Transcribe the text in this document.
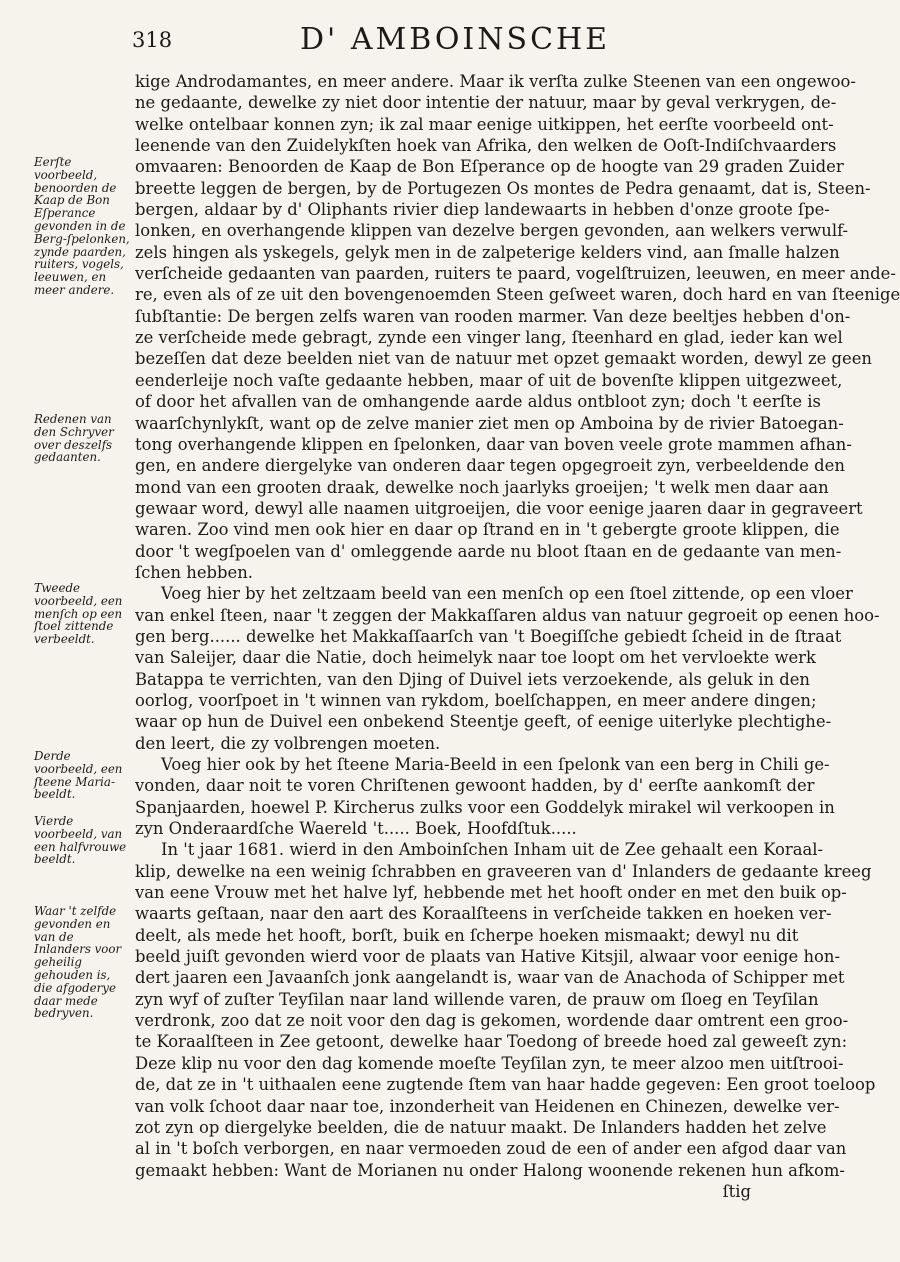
318	D' AMBOINSCHE
Eerſte voorbeeld, benoorden de Kaap de Bon Eſperance gevonden in de Berg-ſpelonken, zynde paarden, ruiters, vogels, leeuwen, en meer andere.
Redenen van den Schryver over deszelfs gedaanten.
Tweede voorbeeld, een menſch op een ſtoel zittende verbeeldt.
Derde voorbeeld, een ſteene Maria-beeldt.
Vierde voorbeeld, van een halfvrouwe beeldt.
Waar 't zelfde gevonden en van de Inlanders voor geheilig gehouden is, die afgoderye daar mede bedryven.
kige Androdamantes, en meer andere. Maar ik verſta zulke Steenen van een ongewoo-
ne gedaante, dewelke zy niet door intentie der natuur, maar by geval verkrygen, de-
welke ontelbaar konnen zyn; ik zal maar eenige uitkippen, het eerſte voorbeeld ont-
leenende van den Zuidelykſten hoek van Afrika, den welken de Ooſt-Indiſchvaarders
omvaaren: Benoorden de Kaap de Bon Eſperance op de hoogte van 29 graden Zuider
breette leggen de bergen, by de Portugezen Os montes de Pedra genaamt, dat is, Steen-
bergen, aldaar by d' Oliphants rivier diep landewaarts in hebben d'onze groote ſpe-
lonken, en overhangende klippen van dezelve bergen gevonden, aan welkers verwulf-
zels hingen als yskegels, gelyk men in de zalpeterige kelders vind, aan ſmalle halzen
verſcheide gedaanten van paarden, ruiters te paard, vogelſtruizen, leeuwen, en meer ande-
re, even als of ze uit den bovengenoemden Steen geſweet waren, doch hard en van ſteenige
ſubſtantie: De bergen zelfs waren van rooden marmer. Van deze beeltjes hebben d'on-
ze verſcheide mede gebragt, zynde een vinger lang, ſteenhard en glad, ieder kan wel
bezeſſen dat deze beelden niet van de natuur met opzet gemaakt worden, dewyl ze geen
eenderleije noch vaſte gedaante hebben, maar of uit de bovenſte klippen uitgezweet,
of door het afvallen van de omhangende aarde aldus ontbloot zyn; doch 't eerſte is
waarſchynlykſt, want op de zelve manier ziet men op Amboina by de rivier Batoegan-
tong overhangende klippen en ſpelonken, daar van boven veele grote mammen afhan-
gen, en andere diergelyke van onderen daar tegen opgegroeit zyn, verbeeldende den
mond van een grooten draak, dewelke noch jaarlyks groeijen; 't welk men daar aan
gewaar word, dewyl alle naamen uitgroeijen, die voor eenige jaaren daar in gegraveert
waren. Zoo vind men ook hier en daar op ſtrand en in 't gebergte groote klippen, die
door 't wegſpoelen van d' omleggende aarde nu bloot ſtaan en de gedaante van men-
ſchen hebben.
Voeg hier by het zeltzaam beeld van een menſch op een ſtoel zittende, op een vloer
van enkel ſteen, naar 't zeggen der Makkaſſaren aldus van natuur gegroeit op eenen hoo-
gen berg...... dewelke het Makkaſſaarſch van 't Boegiſſche gebiedt ſcheid in de ſtraat
van Saleijer, daar die Natie, doch heimelyk naar toe loopt om het vervloekte werk
Batappa te verrichten, van den Djing of Duivel iets verzoekende, als geluk in den
oorlog, voorſpoet in 't winnen van rykdom, boelſchappen, en meer andere dingen;
waar op hun de Duivel een onbekend Steentje geeft, of eenige uiterlyke plechtighe-
den leert, die zy volbrengen moeten.
Voeg hier ook by het ſteene Maria-Beeld in een ſpelonk van een berg in Chili ge-
vonden, daar noit te voren Chriſtenen gewoont hadden, by d' eerſte aankomſt der
Spanjaarden, hoewel P. Kircherus zulks voor een Goddelyk mirakel wil verkoopen in
zyn Onderaardſche Waereld 't..... Boek, Hoofdſtuk.....
In 't jaar 1681. wierd in den Amboinſchen Inham uit de Zee gehaalt een Koraal-
klip, dewelke na een weinig ſchrabben en graveeren van d' Inlanders de gedaante kreeg
van eene Vrouw met het halve lyf, hebbende met het hooft onder en met den buik op-
waarts geſtaan, naar den aart des Koraalſteens in verſcheide takken en hoeken ver-
deelt, als mede het hooft, borſt, buik en ſcherpe hoeken mismaakt; dewyl nu dit
beeld juiſt gevonden wierd voor de plaats van Hative Kitsjil, alwaar voor eenige hon-
dert jaaren een Javaanſch jonk aangelandt is, waar van de Anachoda of Schipper met
zyn wyf of zuſter Teyſilan naar land willende varen, de prauw om ſloeg en Teyſilan
verdronk, zoo dat ze noit voor den dag is gekomen, wordende daar omtrent een groo-
te Koraalſteen in Zee getoont, dewelke haar Toedong of breede hoed zal geweeſt zyn:
Deze klip nu voor den dag komende moeſte Teyſilan zyn, te meer alzoo men uitſtrooi-
de, dat ze in 't uithaalen eene zugtende ſtem van haar hadde gegeven: Een groot toeloop
van volk ſchoot daar naar toe, inzonderheit van Heidenen en Chinezen, dewelke ver-
zot zyn op diergelyke beelden, die de natuur maakt. De Inlanders hadden het zelve
al in 't boſch verborgen, en naar vermoeden zoud de een of ander een afgod daar van
gemaakt hebben: Want de Morianen nu onder Halong woonende rekenen hun afkom-
ſtig
